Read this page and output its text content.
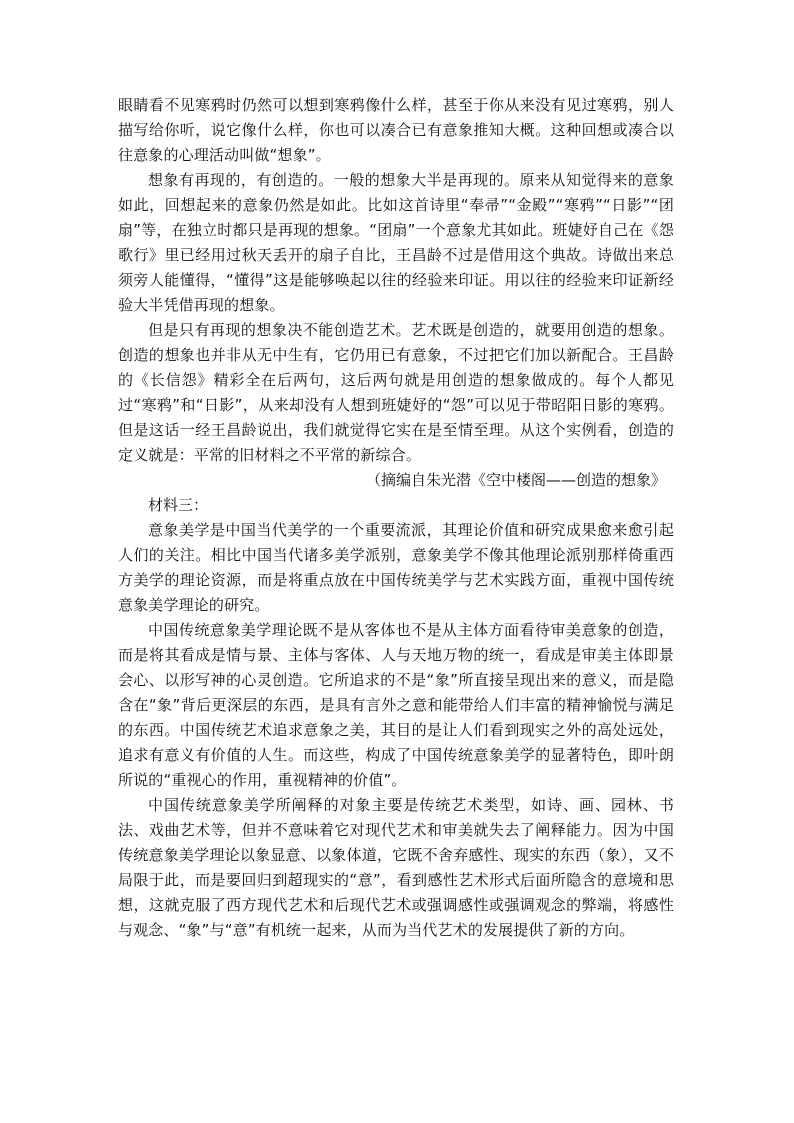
眼睛看不见寒鸦时仍然可以想到寒鸦像什么样，甚至于你从来没有见过寒鸦，别人描写给你听，说它像什么样，你也可以凑合已有意象推知大概。这种回想或凑合以往意象的心理活动叫做“想象”。

想象有再现的，有创造的。一般的想象大半是再现的。原来从知觉得来的意象如此，回想起来的意象仍然是如此。比如这首诗里“奉帚”“金殿”“寒鸦”“日影”“团扇”等，在独立时都只是再现的想象。“团扇”一个意象尤其如此。班婕妤自己在《怨歌行》里已经用过秋天丢开的扇子自比，王昌龄不过是借用这个典故。诗做出来总须旁人能懂得，“懂得”这是能够唤起以往的经验来印证。用以往的经验来印证新经验大半凭借再现的想象。

但是只有再现的想象决不能创造艺术。艺术既是创造的，就要用创造的想象。创造的想象也并非从无中生有，它仍用已有意象，不过把它们加以新配合。王昌龄的《长信怨》精彩全在后两句，这后两句就是用创造的想象做成的。每个人都见过“寒鸦”和“日影”，从来却没有人想到班婕妤的“怨”可以见于带昭阳日影的寒鸦。但是这话一经王昌龄说出，我们就觉得它实在是至情至理。从这个实例看，创造的定义就是：平常的旧材料之不平常的新综合。

（摘编自朱光潜《空中楼阁——创造的想象》

材料三：

意象美学是中国当代美学的一个重要流派，其理论价值和研究成果愈来愈引起人们的关注。相比中国当代诸多美学派别，意象美学不像其他理论派别那样倚重西方美学的理论资源，而是将重点放在中国传统美学与艺术实践方面，重视中国传统意象美学理论的研究。

中国传统意象美学理论既不是从客体也不是从主体方面看待审美意象的创造，而是将其看成是情与景、主体与客体、人与天地万物的统一，看成是审美主体即景会心、以形写神的心灵创造。它所追求的不是“象”所直接呈现出来的意义，而是隐含在“象”背后更深层的东西，是具有言外之意和能带给人们丰富的精神愉悦与满足的东西。中国传统艺术追求意象之美，其目的是让人们看到现实之外的高处远处，追求有意义有价值的人生。而这些，构成了中国传统意象美学的显著特色，即叶朗所说的“重视心的作用，重视精神的价值”。

中国传统意象美学所阐释的对象主要是传统艺术类型，如诗、画、园林、书法、戏曲艺术等，但并不意味着它对现代艺术和审美就失去了阐释能力。因为中国传统意象美学理论以象显意、以象体道，它既不舍弃感性、现实的东西（象），又不局限于此，而是要回归到超现实的“意”，看到感性艺术形式后面所隐含的意境和思想，这就克服了西方现代艺术和后现代艺术或强调感性或强调观念的弊端，将感性与观念、“象”与“意”有机统一起来，从而为当代艺术的发展提供了新的方向。
